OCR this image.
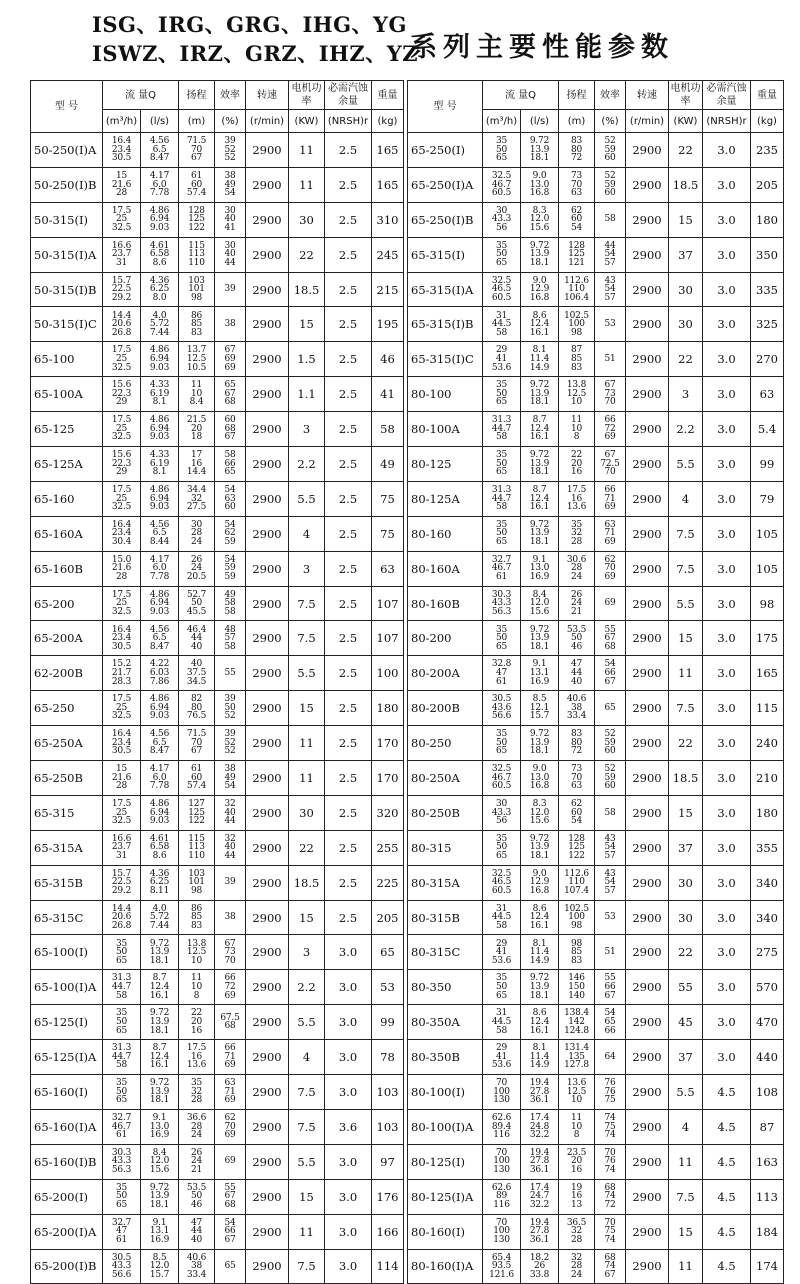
ISG、IRG、GRG、IHG、YG
ISWZ、IRZ、GRZ、IHZ、YZ
系列主要性能参数
型 号	流 量Q		扬程	效率	转速	电机功率	必需汽蚀余量	重量
	(m³/h)	(l/s)	(m)	(%)	(r/min)	(KW)	(NRSH)r	(kg)
50-250(I)A	16.4
23.4
30.5	4.56
6.5
8.47	71.5
70
67	39
52
52	2900	11	2.5	165
50-250(I)B	15
21.6
28	4.17
6.0
7.78	61
60
57.4	38
49
54	2900	11	2.5	165
50-315(I)	17.5
25
32.5	4.86
6.94
9.03	128
125
122	30
40
41	2900	30	2.5	310
50-315(I)A	16.6
23.7
31	4.61
6.58
8.6	115
113
110	30
40
44	2900	22	2.5	245
50-315(I)B	15.7
22.5
29.2	4.36
6.25
8.0	103
101
98	39	2900	18.5	2.5	215
50-315(I)C	14.4
20.6
26.8	4.0
5.72
7.44	86
85
83	38	2900	15	2.5	195
65-100	17.5
25
32.5	4.86
6.94
9.03	13.7
12.5
10.5	67
69
69	2900	1.5	2.5	46
65-100A	15.6
22.3
29	4.33
6.19
8.1	11
10
8.4	65
67
68	2900	1.1	2.5	41
65-125	17.5
25
32.5	4.86
6.94
9.03	21.5
20
18	60
68
67	2900	3	2.5	58
65-125A	15.6
22.3
29	4.33
6.19
8.1	17
16
14.4	58
66
65	2900	2.2	2.5	49
65-160	17.5
25
32.5	4.86
6.94
9.03	34.4
32
27.5	54
63
60	2900	5.5	2.5	75
65-160A	16.4
23.4
30.4	4.56
6.5
8.44	30
28
24	54
62
59	2900	4	2.5	75
65-160B	15.0
21.6
28	4.17
6.0
7.78	26
24
20.5	54
59
59	2900	3	2.5	63
65-200	17.5
25
32.5	4.86
6.94
9.03	52.7
50
45.5	49
58
58	2900	7.5	2.5	107
65-200A	16.4
23.4
30.5	4.56
6.5
8.47	46.4
44
40	48
57
58	2900	7.5	2.5	107
62-200B	15.2
21.7
28.3	4.22
6.03
7.86	40
37.5
34.5	55	2900	5.5	2.5	100
65-250	17.5
25
32.5	4.86
6.94
9.03	82
80
76.5	39
50
52	2900	15	2.5	180
65-250A	16.4
23.4
30.5	4.56
6.5
8.47	71.5
70
67	39
52
52	2900	11	2.5	170
65-250B	15
21.6
28	4.17
6.0
7.78	61
60
57.4	38
49
54	2900	11	2.5	170
65-315	17.5
25
32.5	4.86
6.94
9.03	127
125
122	32
40
44	2900	30	2.5	320
65-315A	16.6
23.7
31	4.61
6.58
8.6	115
113
110	32
40
44	2900	22	2.5	255
65-315B	15.7
22.5
29.2	4.36
6.25
8.11	103
101
98	39	2900	18.5	2.5	225
65-315C	14.4
20.6
26.8	4.0
5.72
7.44	86
85
83	38	2900	15	2.5	205
65-100(I)	35
50
65	9.72
13.9
18.1	13.8
12.5
10	67
73
70	2900	3	3.0	65
65-100(I)A	31.3
44.7
58	8.7
12.4
16.1	11
10
8	66
72
69	2900	2.2	3.0	53
65-125(I)	35
50
65	9.72
13.9
18.1	22
20
16	67.5
68	2900	5.5	3.0	99
65-125(I)A	31.3
44.7
58	8.7
12.4
16.1	17.5
16
13.6	66
71
69	2900	4	3.0	78
65-160(I)	35
50
65	9.72
13.9
18.1	35
32
28	63
71
69	2900	7.5	3.0	103
65-160(I)A	32.7
46.7
61	9.1
13.0
16.9	36.6
28
24	62
70
69	2900	7.5	3.6	103
65-160(I)B	30.3
43.3
56.3	8.4
12.0
15.6	26
24
21	69	2900	5.5	3.0	97
65-200(I)	35
50
65	9.72
13.9
18.1	53.5
50
46	55
67
68	2900	15	3.0	176
65-200(I)A	32.7
47
61	9.1
13.1
16.9	47
44
40	54
66
67	2900	11	3.0	166
65-200(I)B	30.5
43.3
56.6	8.5
12.0
15.7	40.6
38
33.4	65	2900	7.5	3.0	114
型 号	流 量Q		扬程	效率	转速	电机功率	必需汽蚀余量	重量
	(m³/h)	(l/s)	(m)	(%)	(r/min)	(KW)	(NRSH)r	(kg)
65-250(I)	35
50
65	9.72
13.9
18.1	83
80
72	52
59
60	2900	22	3.0	235
65-250(I)A	32.5
46.7
60.5	9.0
13.0
16.8	73
70
63	52
59
60	2900	18.5	3.0	205
65-250(I)B	30
43.3
56	8.3
12.0
15.6	62
60
54	58	2900	15	3.0	180
65-315(I)	35
50
65	9.72
13.9
18.1	128
125
121	44
54
57	2900	37	3.0	350
65-315(I)A	32.5
46.5
60.5	9.0
12.9
16.8	112.6
110
106.4	43
54
57	2900	30	3.0	335
65-315(I)B	31
44.5
58	8.6
12.4
16.1	102.5
100
98	53	2900	30	3.0	325
65-315(I)C	29
41
53.6	8.1
11.4
14.9	87
85
83	51	2900	22	3.0	270
80-100	35
50
65	9.72
13.9
18.1	13.8
12.5
10	67
73
70	2900	3	3.0	63
80-100A	31.3
44.7
58	8.7
12.4
16.1	11
10
8	66
72
69	2900	2.2	3.0	5.4
80-125	35
50
65	9.72
13.9
18.1	22
20
16	67
72.5
70	2900	5.5	3.0	99
80-125A	31.3
44.7
58	8.7
12.4
16.1	17.5
16
13.6	66
71
69	2900	4	3.0	79
80-160	35
50
65	9.72
13.9
18.1	35
32
28	63
71
69	2900	7.5	3.0	105
80-160A	32.7
46.7
61	9.1
13.0
16.9	30.6
28
24	62
70
69	2900	7.5	3.0	105
80-160B	30.3
43.3
56.3	8.4
12.0
15.6	26
24
21	69	2900	5.5	3.0	98
80-200	35
50
65	9.72
13.9
18.1	53.5
50
46	55
67
68	2900	15	3.0	175
80-200A	32.8
47
61	9.1
13.1
16.9	47
44
40	54
66
67	2900	11	3.0	165
80-200B	30.5
43.6
56.6	8.5
12.1
15.7	40.6
38
33.4	65	2900	7.5	3.0	115
80-250	35
50
65	9.72
13.9
18.1	83
80
72	52
59
60	2900	22	3.0	240
80-250A	32.5
46.7
60.5	9.0
13.0
16.8	73
70
63	52
59
60	2900	18.5	3.0	210
80-250B	30
43.3
56	8.3
12.0
15.6	62
60
54	58	2900	15	3.0	180
80-315	35
50
65	9.72
13.9
18.1	128
125
122	43
54
57	2900	37	3.0	355
80-315A	32.5
46.5
60.5	9.0
12.9
16.8	112.6
110
107.4	43
54
57	2900	30	3.0	340
80-315B	31
44.5
58	8.6
12.4
16.1	102.5
100
98	53	2900	30	3.0	340
80-315C	29
41
53.6	8.1
11.4
14.9	98
85
83	51	2900	22	3.0	275
80-350	35
50
65	9.72
13.9
18.1	146
150
140	55
66
67	2900	55	3.0	570
80-350A	31
44.5
58	8.6
12.4
16.1	138.4
142
124.8	54
65
66	2900	45	3.0	470
80-350B	29
41
53.6	8.1
11.4
14.9	131.4
135
127.8	64	2900	37	3.0	440
80-100(I)	70
100
130	19.4
27.8
36.1	13.6
12.5
10	76
76
75	2900	5.5	4.5	108
80-100(I)A	62.6
89.4
116	17.4
24.8
32.2	11
10
8	74
75
74	2900	4	4.5	87
80-125(I)	70
100
130	19.4
27.8
36.1	23.5
20
16	70
76
74	2900	11	4.5	163
80-125(I)A	62.6
89
116	17.4
24.7
32.2	19
16
13	68
74
72	2900	7.5	4.5	113
80-160(I)	70
100
130	19.4
27.8
36.1	36.5
32
28	70
75
74	2900	15	4.5	184
80-160(I)A	65.4
93.5
121.6	18.2
26
33.8	32
28
24	68
74
67	2900	11	4.5	174
